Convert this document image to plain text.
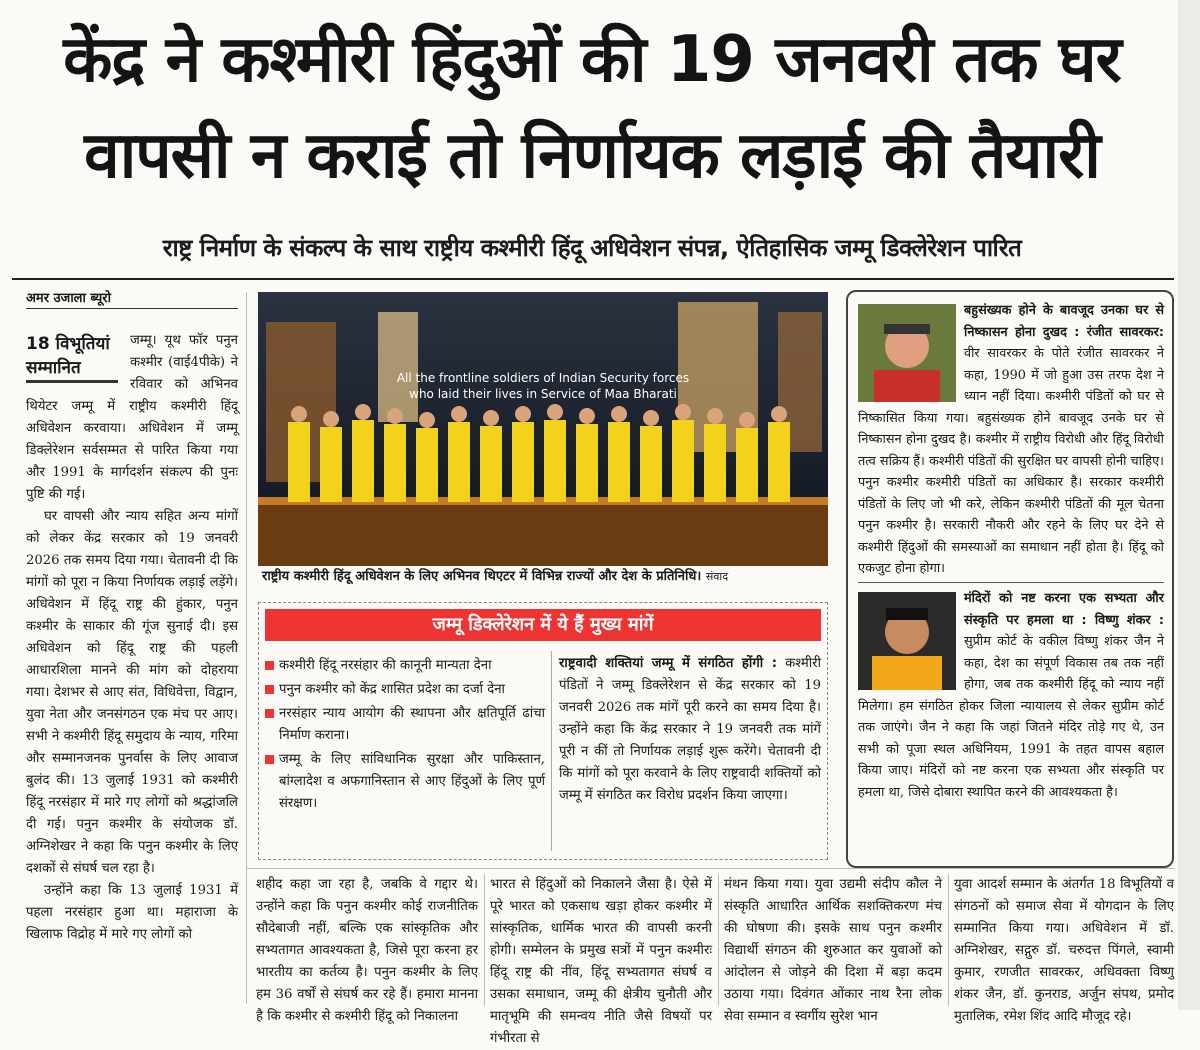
केंद्र ने कश्मीरी हिंदुओं की 19 जनवरी तक घर
वापसी न कराई तो निर्णायक लड़ाई की तैयारी
राष्ट्र निर्माण के संकल्प के साथ राष्ट्रीय कश्मीरी हिंदू अधिवेशन संपन्न, ऐतिहासिक जम्मू डिक्लेरेशन पारित
अमर उजाला ब्यूरो
18 विभूतियां
सम्मानित

जम्मू। यूथ फॉर पनुन कश्मीर (वाई4पीके) ने रविवार को अभिनव थियेटर जम्मू में राष्ट्रीय कश्मीरी हिंदू अधिवेशन करवाया। अधिवेशन में जम्मू डिक्लेरेशन सर्वसम्मत से पारित किया गया और 1991 के मार्गदर्शन संकल्प की पुनः पुष्टि की गई।

घर वापसी और न्याय सहित अन्य मांगों को लेकर केंद्र सरकार को 19 जनवरी 2026 तक समय दिया गया। चेतावनी दी कि मांगों को पूरा न किया निर्णायक लड़ाई लड़ेंगे। अधिवेशन में हिंदू राष्ट्र की हुंकार, पनुन कश्मीर के साकार की गूंज सुनाई दी। इस अधिवेशन को हिंदू राष्ट्र की पहली आधारशिला मानने की मांग को दोहराया गया। देशभर से आए संत, विधिवेत्ता, विद्वान, युवा नेता और जनसंगठन एक मंच पर आए। सभी ने कश्मीरी हिंदू समुदाय के न्याय, गरिमा और सम्मानजनक पुनर्वास के लिए आवाज बुलंद की। 13 जुलाई 1931 को कश्मीरी हिंदू नरसंहार में मारे गए लोगों को श्रद्धांजलि दी गई। पनुन कश्मीर के संयोजक डॉ. अग्निशेखर ने कहा कि पनुन कश्मीर के लिए दशकों से संघर्ष चल रहा है।

उन्होंने कहा कि 13 जुलाई 1931 में पहला नरसंहार हुआ था। महाराजा के खिलाफ विद्रोह में मारे गए लोगों को

All the frontline soldiers of Indian Security forces
who laid their lives in Service of Maa Bharati
राष्ट्रीय कश्मीरी हिंदू अधिवेशन के लिए अभिनव थिएटर में विभिन्न राज्यों और देश के प्रतिनिधि। संवाद
जम्मू डिक्लेरेशन में ये हैं मुख्य मांगें
कश्मीरी हिंदू नरसंहार की कानूनी मान्यता देना
पनुन कश्मीर को केंद्र शासित प्रदेश का दर्जा देना
नरसंहार न्याय आयोग की स्थापना और क्षतिपूर्ति ढांचा निर्माण कराना।
जम्मू के लिए सांविधानिक सुरक्षा और पाकिस्तान, बांग्लादेश व अफगानिस्तान से आए हिंदुओं के लिए पूर्ण संरक्षण।
राष्ट्रवादी शक्तियां जम्मू में संगठित होंगी : कश्मीरी पंडितों ने जम्मू डिक्लेरेशन से केंद्र सरकार को 19 जनवरी 2026 तक मांगें पूरी करने का समय दिया है। उन्होंने कहा कि केंद्र सरकार ने 19 जनवरी तक मांगें पूरी न कीं तो निर्णायक लड़ाई शुरू करेंगे। चेतावनी दी कि मांगों को पूरा करवाने के लिए राष्ट्रवादी शक्तियों को जम्मू में संगठित कर विरोध प्रदर्शन किया जाएगा।
बहुसंख्यक होने के बावजूद उनका घर से निष्कासन होना दुखद : रंजीत सावरकर: वीर सावरकर के पोते रंजीत सावरकर ने कहा, 1990 में जो हुआ उस तरफ देश ने ध्यान नहीं दिया। कश्मीरी पंडितों को घर से निष्कासित किया गया। बहुसंख्यक होने बावजूद उनके घर से निष्कासन होना दुखद है। कश्मीर में राष्ट्रीय विरोधी और हिंदू विरोधी तत्व सक्रिय हैं। कश्मीरी पंडितों की सुरक्षित घर वापसी होनी चाहिए। पनुन कश्मीर कश्मीरी पंडितों का अधिकार है। सरकार कश्मीरी पंडितों के लिए जो भी करे, लेकिन कश्मीरी पंडितों की मूल चेतना पनुन कश्मीर है। सरकारी नौकरी और रहने के लिए घर देने से कश्मीरी हिंदुओं की समस्याओं का समाधान नहीं होता है। हिंदू को एकजुट होना होगा।
मंदिरों को नष्ट करना एक सभ्यता और संस्कृति पर हमला था : विष्णु शंकर : सुप्रीम कोर्ट के वकील विष्णु शंकर जैन ने कहा, देश का संपूर्ण विकास तब तक नहीं होगा, जब तक कश्मीरी हिंदू को न्याय नहीं मिलेगा। हम संगठित होकर जिला न्यायालय से लेकर सुप्रीम कोर्ट तक जाएंगे। जैन ने कहा कि जहां जितने मंदिर तोड़े गए थे, उन सभी को पूजा स्थल अधिनियम, 1991 के तहत वापस बहाल किया जाए। मंदिरों को नष्ट करना एक सभ्यता और संस्कृति पर हमला था, जिसे दोबारा स्थापित करने की आवश्यकता है।

शहीद कहा जा रहा है, जबकि वे गद्दार थे। उन्होंने कहा कि पनुन कश्मीर कोई राजनीतिक सौदेबाजी नहीं, बल्कि एक सांस्कृतिक और सभ्यतागत आवश्यकता है, जिसे पूरा करना हर भारतीय का कर्तव्य है। पनुन कश्मीर के लिए हम 36 वर्षों से संघर्ष कर रहे हैं। हमारा मानना है कि कश्मीर से कश्मीरी हिंदू को निकालना

भारत से हिंदुओं को निकालने जैसा है। ऐसे में पूरे भारत को एकसाथ खड़ा होकर कश्मीर में सांस्कृतिक, धार्मिक भारत की वापसी करनी होगी। सम्मेलन के प्रमुख सत्रों में पनुन कश्मीरः हिंदू राष्ट्र की नींव, हिंदू सभ्यतागत संघर्ष व उसका समाधान, जम्मू की क्षेत्रीय चुनौती और मातृभूमि की समन्वय नीति जैसे विषयों पर गंभीरता से

मंथन किया गया। युवा उद्यमी संदीप कौल ने संस्कृति आधारित आर्थिक सशक्तिकरण मंच की घोषणा की। इसके साथ पनुन कश्मीर विद्यार्थी संगठन की शुरुआत कर युवाओं को आंदोलन से जोड़ने की दिशा में बड़ा कदम उठाया गया। दिवंगत ओंकार नाथ रैना लोक सेवा सम्मान व स्वर्गीय सुरेश भान

युवा आदर्श सम्मान के अंतर्गत 18 विभूतियों व संगठनों को समाज सेवा में योगदान के लिए सम्मानित किया गया। अधिवेशन में डॉ. अग्निशेखर, सद्गुरु डॉ. चरुदत्त पिंगले, स्वामी कुमार, रणजीत सावरकर, अधिवक्ता विष्णु शंकर जैन, डॉ. कुनराड, अर्जुन संपथ, प्रमोद मुतालिक, रमेश शिंद आदि मौजूद रहे।
